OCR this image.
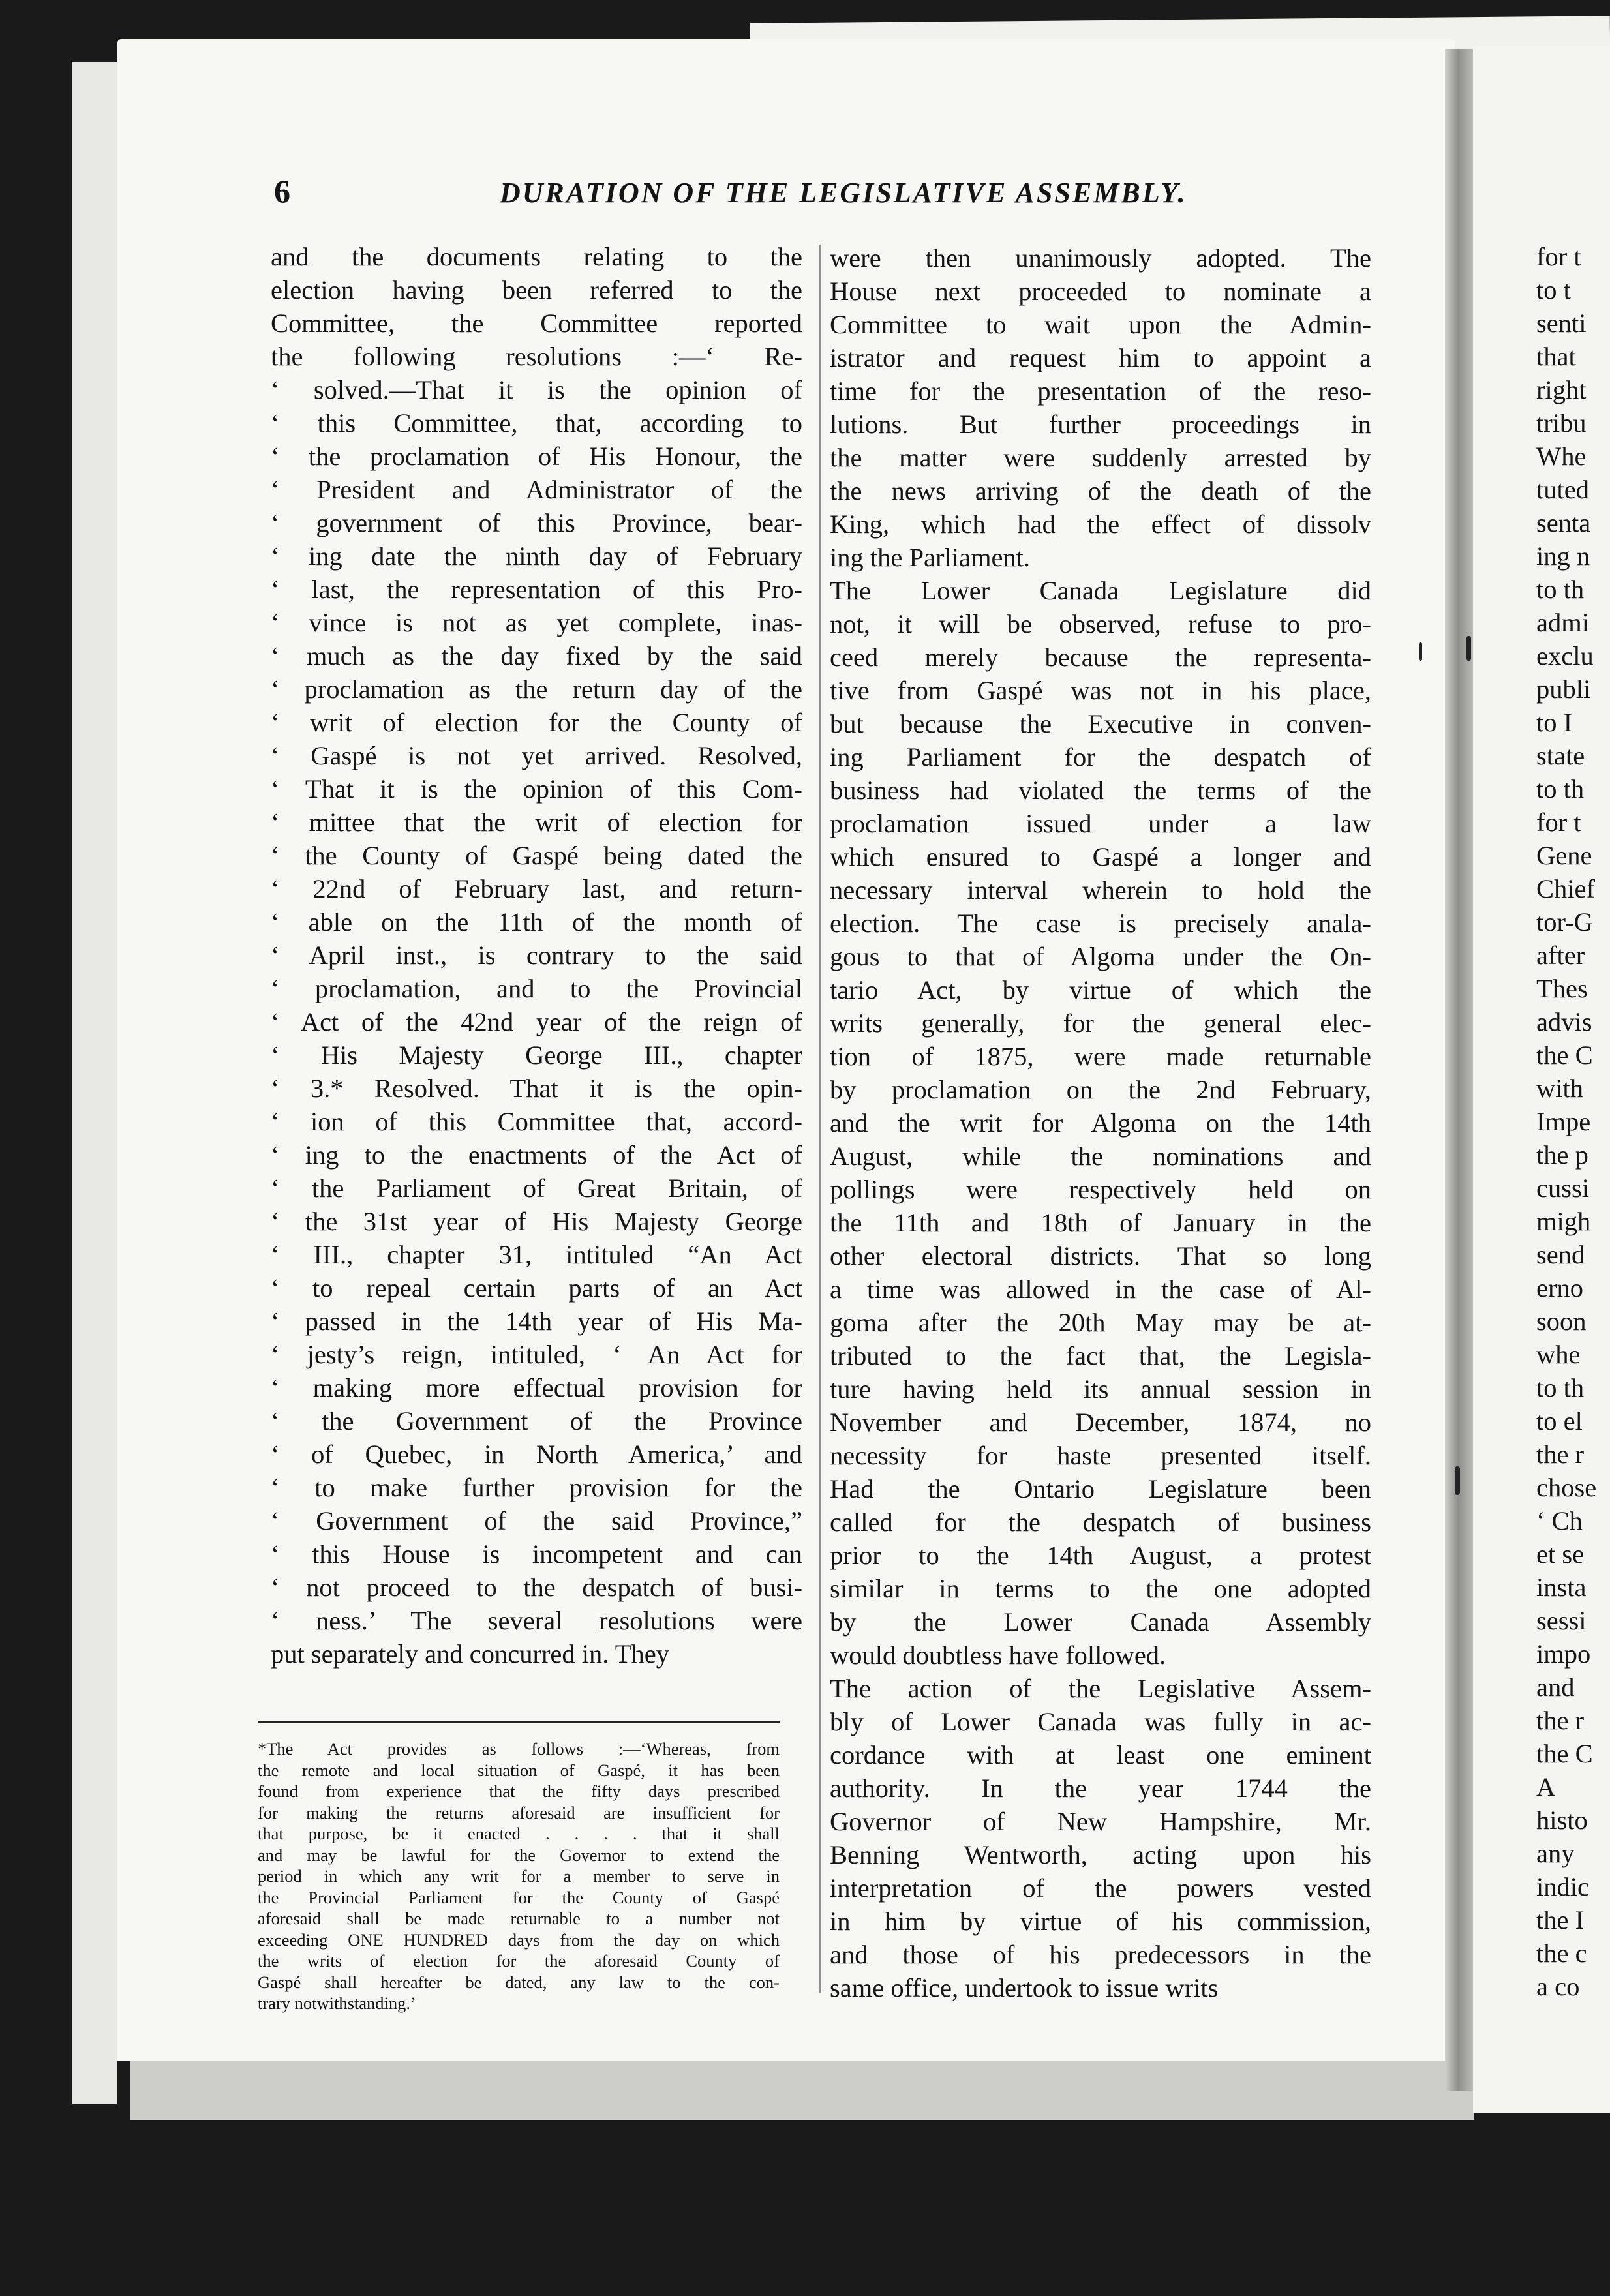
6	DURATION OF THE LEGISLATIVE ASSEMBLY.
and the documents relating to the
election having been referred to the
Committee, the Committee reported
the following resolutions :—‘ Re-
‘ solved.—That it is the opinion of
‘ this Committee, that, according to
‘ the proclamation of His Honour, the
‘ President and Administrator of the
‘ government of this Province, bear-
‘ ing date the ninth day of February
‘ last, the representation of this Pro-
‘ vince is not as yet complete, inas-
‘ much as the day fixed by the said
‘ proclamation as the return day of the
‘ writ of election for the County of
‘ Gaspé is not yet arrived. Resolved,
‘ That it is the opinion of this Com-
‘ mittee that the writ of election for
‘ the County of Gaspé being dated the
‘ 22nd of February last, and return-
‘ able on the 11th of the month of
‘ April inst., is contrary to the said
‘ proclamation, and to the Provincial
‘ Act of the 42nd year of the reign of
‘ His Majesty George III., chapter
‘ 3.* Resolved. That it is the opin-
‘ ion of this Committee that, accord-
‘ ing to the enactments of the Act of
‘ the Parliament of Great Britain, of
‘ the 31st year of His Majesty George
‘ III., chapter 31, intituled “An Act
‘ to repeal certain parts of an Act
‘ passed in the 14th year of His Ma-
‘ jesty’s reign, intituled, ‘ An Act for
‘ making more effectual provision for
‘ the Government of the Province
‘ of Quebec, in North America,’ and
‘ to make further provision for the
‘ Government of the said Province,”
‘ this House is incompetent and can
‘ not proceed to the despatch of busi-
‘ ness.’ The several resolutions were
put separately and concurred in. They
were then unanimously adopted. The
House next proceeded to nominate a
Committee to wait upon the Admin-
istrator and request him to appoint a
time for the presentation of the reso-
lutions. But further proceedings in
the matter were suddenly arrested by
the news arriving of the death of the
King, which had the effect of dissolv
ing the Parliament.
The Lower Canada Legislature did
not, it will be observed, refuse to pro-
ceed merely because the representa-
tive from Gaspé was not in his place,
but because the Executive in conven-
ing Parliament for the despatch of
business had violated the terms of the
proclamation issued under a law
which ensured to Gaspé a longer and
necessary interval wherein to hold the
election. The case is precisely anala-
gous to that of Algoma under the On-
tario Act, by virtue of which the
writs generally, for the general elec-
tion of 1875, were made returnable
by proclamation on the 2nd February,
and the writ for Algoma on the 14th
August, while the nominations and
pollings were respectively held on
the 11th and 18th of January in the
other electoral districts. That so long
a time was allowed in the case of Al-
goma after the 20th May may be at-
tributed to the fact that, the Legisla-
ture having held its annual session in
November and December, 1874, no
necessity for haste presented itself.
Had the Ontario Legislature been
called for the despatch of business
prior to the 14th August, a protest
similar in terms to the one adopted
by the Lower Canada Assembly
would doubtless have followed.
The action of the Legislative Assem-
bly of Lower Canada was fully in ac-
cordance with at least one eminent
authority. In the year 1744 the
Governor of New Hampshire, Mr.
Benning Wentworth, acting upon his
interpretation of the powers vested
in him by virtue of his commission,
and those of his predecessors in the
same office, undertook to issue writs
for t
to t
senti
that
right
tribu
Whe
tuted
senta
ing n
to th
admi
exclu
publi
to I
state
to th
for t
Gene
Chief
tor-G
after
Thes
advis
the C
with
Impe
the p
cussi
migh
send
erno
soon
whe
to th
to el
the r
chose
‘ Ch
et se
insta
sessi
impo
and
the r
the C
A
histo
any
indic
the I
the c
a co
*The Act provides as follows :—‘Whereas, from
the remote and local situation of Gaspé, it has been
found from experience that the fifty days prescribed
for making the returns aforesaid are insufficient for
that purpose, be it enacted . . . . that it shall
and may be lawful for the Governor to extend the
period in which any writ for a member to serve in
the Provincial Parliament for the County of Gaspé
aforesaid shall be made returnable to a number not
exceeding ONE HUNDRED days from the day on which
the writs of election for the aforesaid County of
Gaspé shall hereafter be dated, any law to the con-
trary notwithstanding.’
